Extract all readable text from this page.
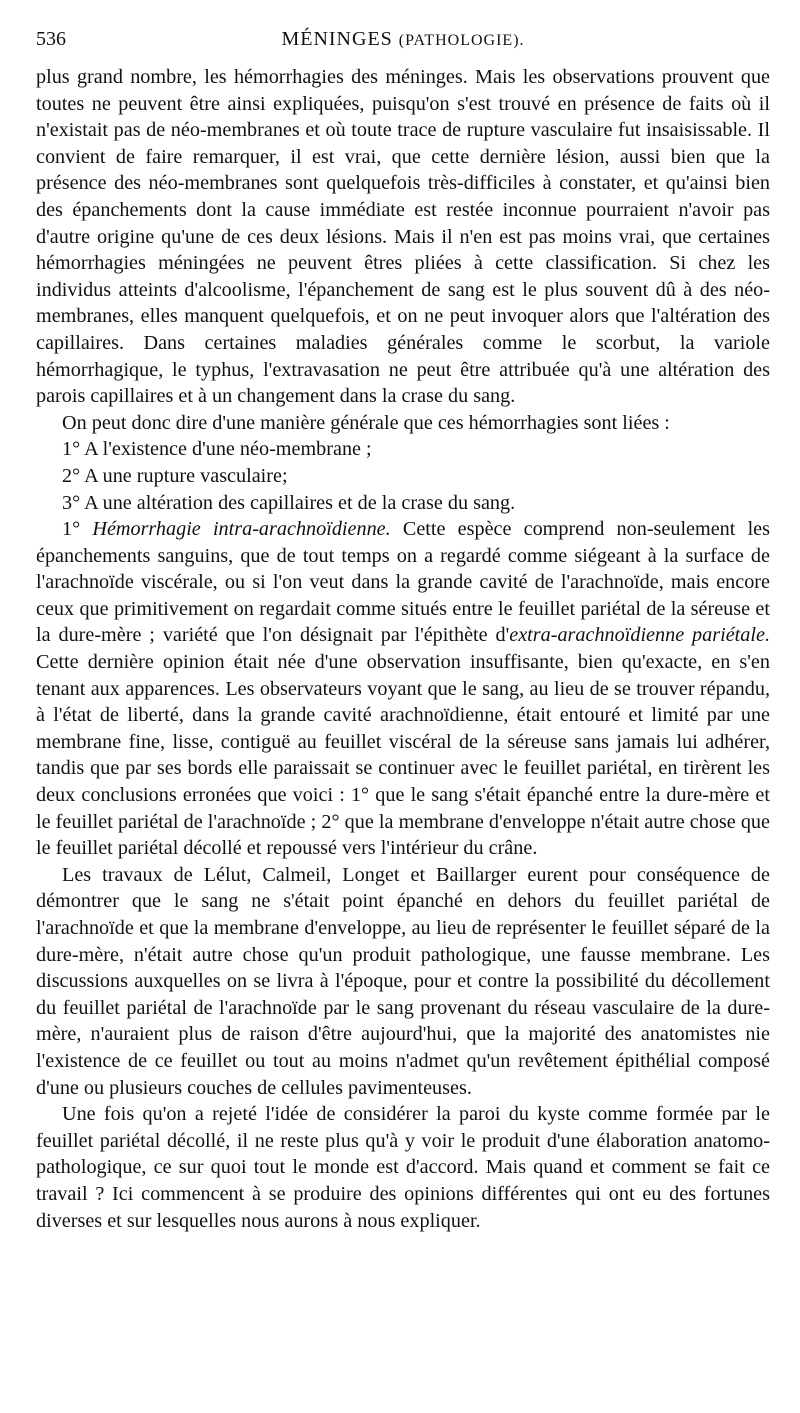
536	MÉNINGES (PATHOLOGIE).

plus grand nombre, les hémorrhagies des méninges. Mais les observations prouvent que toutes ne peuvent être ainsi expliquées, puisqu'on s'est trouvé en présence de faits où il n'existait pas de néo-membranes et où toute trace de rupture vasculaire fut insaisissable. Il convient de faire remarquer, il est vrai, que cette dernière lésion, aussi bien que la présence des néo-membranes sont quelquefois très-difficiles à constater, et qu'ainsi bien des épanchements dont la cause immédiate est restée inconnue pourraient n'avoir pas d'autre origine qu'une de ces deux lésions. Mais il n'en est pas moins vrai, que certaines hémorrhagies méningées ne peuvent êtres pliées à cette classification. Si chez les individus atteints d'alcoolisme, l'épanchement de sang est le plus souvent dû à des néo-membranes, elles manquent quelquefois, et on ne peut invoquer alors que l'altération des capillaires. Dans certaines maladies générales comme le scorbut, la variole hémorrhagique, le typhus, l'extravasation ne peut être attribuée qu'à une altération des parois capillaires et à un changement dans la crase du sang.

On peut donc dire d'une manière générale que ces hémorrhagies sont liées :

1° A l'existence d'une néo-membrane ;

2° A une rupture vasculaire;

3° A une altération des capillaires et de la crase du sang.

1° Hémorrhagie intra-arachnoïdienne. Cette espèce comprend non-seulement les épanchements sanguins, que de tout temps on a regardé comme siégeant à la surface de l'arachnoïde viscérale, ou si l'on veut dans la grande cavité de l'arachnoïde, mais encore ceux que primitivement on regardait comme situés entre le feuillet pariétal de la séreuse et la dure-mère ; variété que l'on désignait par l'épithète d'extra-arachnoïdienne pariétale. Cette dernière opinion était née d'une observation insuffisante, bien qu'exacte, en s'en tenant aux apparences. Les observateurs voyant que le sang, au lieu de se trouver répandu, à l'état de liberté, dans la grande cavité arachnoïdienne, était entouré et limité par une membrane fine, lisse, contiguë au feuillet viscéral de la séreuse sans jamais lui adhérer, tandis que par ses bords elle paraissait se continuer avec le feuillet pariétal, en tirèrent les deux conclusions erronées que voici : 1° que le sang s'était épanché entre la dure-mère et le feuillet pariétal de l'arachnoïde ; 2° que la membrane d'enveloppe n'était autre chose que le feuillet pariétal décollé et repoussé vers l'intérieur du crâne.

Les travaux de Lélut, Calmeil, Longet et Baillarger eurent pour conséquence de démontrer que le sang ne s'était point épanché en dehors du feuillet pariétal de l'arachnoïde et que la membrane d'enveloppe, au lieu de représenter le feuillet séparé de la dure-mère, n'était autre chose qu'un produit pathologique, une fausse membrane. Les discussions auxquelles on se livra à l'époque, pour et contre la possibilité du décollement du feuillet pariétal de l'arachnoïde par le sang provenant du réseau vasculaire de la dure-mère, n'auraient plus de raison d'être aujourd'hui, que la majorité des anatomistes nie l'existence de ce feuillet ou tout au moins n'admet qu'un revêtement épithélial composé d'une ou plusieurs couches de cellules pavimenteuses.

Une fois qu'on a rejeté l'idée de considérer la paroi du kyste comme formée par le feuillet pariétal décollé, il ne reste plus qu'à y voir le produit d'une élaboration anatomo-pathologique, ce sur quoi tout le monde est d'accord. Mais quand et comment se fait ce travail ? Ici commencent à se produire des opinions différentes qui ont eu des fortunes diverses et sur lesquelles nous aurons à nous expliquer.
